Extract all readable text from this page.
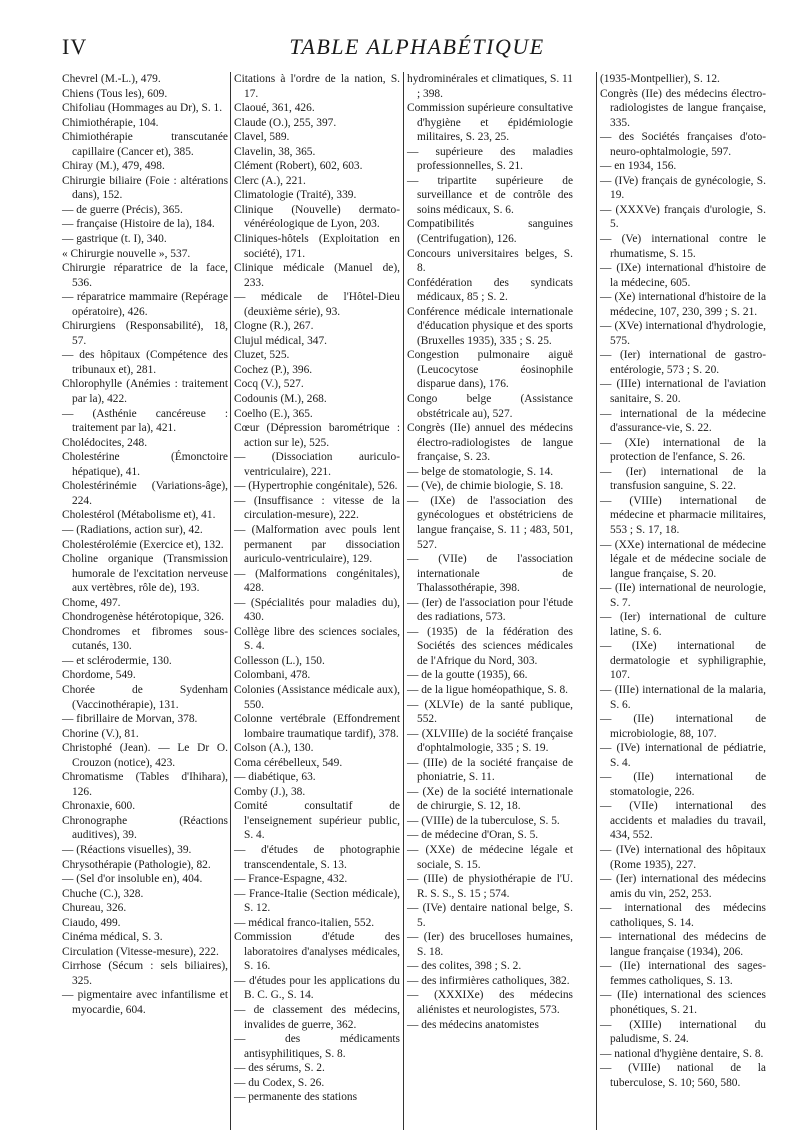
IV	TABLE ALPHABÉTIQUE

Chevrel (M.-L.), 479.

Chiens (Tous les), 609.

Chifoliau (Hommages au Dr), S. 1.

Chimiothérapie, 104.

Chimiothérapie transcutanée capillaire (Cancer et), 385.

Chiray (M.), 479, 498.

Chirurgie biliaire (Foie : altérations dans), 152.

— de guerre (Précis), 365.

— française (Histoire de la), 184.

— gastrique (t. I), 340.

« Chirurgie nouvelle », 537.

Chirurgie réparatrice de la face, 536.

— réparatrice mammaire (Repérage opératoire), 426.

Chirurgiens (Responsabilité), 18, 57.

— des hôpitaux (Compétence des tribunaux et), 281.

Chlorophylle (Anémies : traitement par la), 422.

— (Asthénie cancéreuse : traitement par la), 421.

Cholédocites, 248.

Cholestérine (Émonctoire hépatique), 41.

Cholestérinémie (Variations-âge), 224.

Cholestérol (Métabolisme et), 41.

— (Radiations, action sur), 42.

Cholestérolémie (Exercice et), 132.

Choline organique (Transmission humorale de l'excitation nerveuse aux vertèbres, rôle de), 193.

Chome, 497.

Chondrogenèse hétérotopique, 326.

Chondromes et fibromes sous-cutanés, 130.

— et sclérodermie, 130.

Chordome, 549.

Chorée de Sydenham (Vaccinothérapie), 131.

— fibrillaire de Morvan, 378.

Chorine (V.), 81.

Christophé (Jean). — Le Dr O. Crouzon (notice), 423.

Chromatisme (Tables d'Ihihara), 126.

Chronaxie, 600.

Chronographe (Réactions auditives), 39.

— (Réactions visuelles), 39.

Chrysothérapie (Pathologie), 82.

— (Sel d'or insoluble en), 404.

Chuche (C.), 328.

Chureau, 326.

Ciaudo, 499.

Cinéma médical, S. 3.

Circulation (Vitesse-mesure), 222.

Cirrhose (Sécum : sels biliaires), 325.

— pigmentaire avec infantilisme et myocardie, 604.

Citations à l'ordre de la nation, S. 17.

Claoué, 361, 426.

Claude (O.), 255, 397.

Clavel, 589.

Clavelin, 38, 365.

Clément (Robert), 602, 603.

Clerc (A.), 221.

Climatologie (Traité), 339.

Clinique (Nouvelle) dermato-vénéréologique de Lyon, 203.

Cliniques-hôtels (Exploitation en société), 171.

Clinique médicale (Manuel de), 233.

— médicale de l'Hôtel-Dieu (deuxième série), 93.

Clogne (R.), 267.

Clujul médical, 347.

Cluzet, 525.

Cochez (P.), 396.

Cocq (V.), 527.

Codounis (M.), 268.

Coelho (E.), 365.

Cœur (Dépression barométrique : action sur le), 525.

— (Dissociation auriculo-ventriculaire), 221.

— (Hypertrophie congénitale), 526.

— (Insuffisance : vitesse de la circulation-mesure), 222.

— (Malformation avec pouls lent permanent par dissociation auriculo-ventriculaire), 129.

— (Malformations congénitales), 428.

— (Spécialités pour maladies du), 430.

Collège libre des sciences sociales, S. 4.

Collesson (L.), 150.

Colombani, 478.

Colonies (Assistance médicale aux), 550.

Colonne vertébrale (Effondrement lombaire traumatique tardif), 378.

Colson (A.), 130.

Coma cérébelleux, 549.

— diabétique, 63.

Comby (J.), 38.

Comité consultatif de l'enseignement supérieur public, S. 4.

— d'études de photographie transcendentale, S. 13.

— France-Espagne, 432.

— France-Italie (Section médicale), S. 12.

— médical franco-italien, 552.

Commission d'étude des laboratoires d'analyses médicales, S. 16.

— d'études pour les applications du B. C. G., S. 14.

— de classement des médecins, invalides de guerre, 362.

— des médicaments antisyphilitiques, S. 8.

— des sérums, S. 2.

— du Codex, S. 26.

— permanente des stations

hydrominérales et climatiques, S. 11 ; 398.

Commission supérieure consultative d'hygiène et épidémiologie militaires, S. 23, 25.

— supérieure des maladies professionnelles, S. 21.

— tripartite supérieure de surveillance et de contrôle des soins médicaux, S. 6.

Compatibilités sanguines (Centrifugation), 126.

Concours universitaires belges, S. 8.

Confédération des syndicats médicaux, 85 ; S. 2.

Conférence médicale internationale d'éducation physique et des sports (Bruxelles 1935), 335 ; S. 25.

Congestion pulmonaire aiguë (Leucocytose éosinophile disparue dans), 176.

Congo belge (Assistance obstétricale au), 527.

Congrès (IIe) annuel des médecins électro-radiologistes de langue française, S. 23.

— belge de stomatologie, S. 14.

— (Ve), de chimie biologie, S. 18.

— (IXe) de l'association des gynécologues et obstétriciens de langue française, S. 11 ; 483, 501, 527.

— (VIIe) de l'association internationale de Thalassothérapie, 398.

— (Ier) de l'association pour l'étude des radiations, 573.

— (1935) de la fédération des Sociétés des sciences médicales de l'Afrique du Nord, 303.

— de la goutte (1935), 66.

— de la ligue homéopathique, S. 8.

— (XLVIe) de la santé publique, 552.

— (XLVIIIe) de la société française d'ophtalmologie, 335 ; S. 19.

— (IIIe) de la société française de phoniatrie, S. 11.

— (Xe) de la société internationale de chirurgie, S. 12, 18.

— (VIIIe) de la tuberculose, S. 5.

— de médecine d'Oran, S. 5.

— (XXe) de médecine légale et sociale, S. 15.

— (IIIe) de physiothérapie de l'U. R. S. S., S. 15 ; 574.

— (IVe) dentaire national belge, S. 5.

— (Ier) des brucelloses humaines, S. 18.

— des colites, 398 ; S. 2.

— des infirmières catholiques, 382.

— (XXXIXe) des médecins aliénistes et neurologistes, 573.

— des médecins anatomistes

(1935-Montpellier), S. 12.

Congrès (IIe) des médecins électro-radiologistes de langue française, 335.

— des Sociétés françaises d'oto-neuro-ophtalmologie, 597.

— en 1934, 156.

— (IVe) français de gynécologie, S. 19.

— (XXXVe) français d'urologie, S. 5.

— (Ve) international contre le rhumatisme, S. 15.

— (IXe) international d'histoire de la médecine, 605.

— (Xe) international d'histoire de la médecine, 107, 230, 399 ; S. 21.

— (XVe) international d'hydrologie, 575.

— (Ier) international de gastro-entérologie, 573 ; S. 20.

— (IIIe) international de l'aviation sanitaire, S. 20.

— international de la médecine d'assurance-vie, S. 22.

— (XIe) international de la protection de l'enfance, S. 26.

— (Ier) international de la transfusion sanguine, S. 22.

— (VIIIe) international de médecine et pharmacie militaires, 553 ; S. 17, 18.

— (XXe) international de médecine légale et de médecine sociale de langue française, S. 20.

— (IIe) international de neurologie, S. 7.

— (Ier) international de culture latine, S. 6.

— (IXe) international de dermatologie et syphiligraphie, 107.

— (IIIe) international de la malaria, S. 6.

— (IIe) international de microbiologie, 88, 107.

— (IVe) international de pédiatrie, S. 4.

— (IIe) international de stomatologie, 226.

— (VIIe) international des accidents et maladies du travail, 434, 552.

— (IVe) international des hôpitaux (Rome 1935), 227.

— (Ier) international des médecins amis du vin, 252, 253.

— international des médecins catholiques, S. 14.

— international des médecins de langue française (1934), 206.

— (IIe) international des sages-femmes catholiques, S. 13.

— (IIe) international des sciences phonétiques, S. 21.

— (XIIIe) international du paludisme, S. 24.

— national d'hygiène dentaire, S. 8.

— (VIIIe) national de la tuberculose, S. 10; 560, 580.
